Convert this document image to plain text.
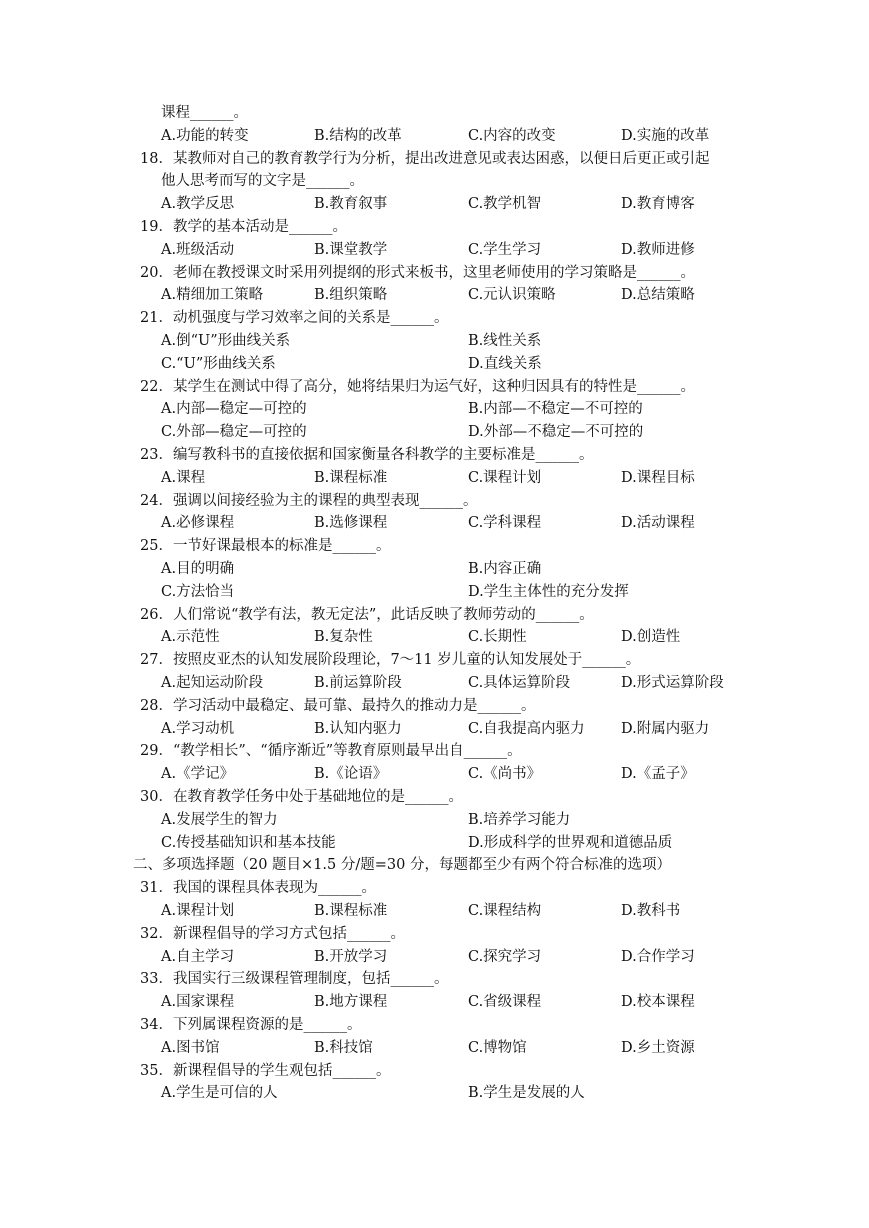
课程______。
A.功能的转变	B.结构的改革	C.内容的改变	D.实施的改革
18．某教师对自己的教育教学行为分析，提出改进意见或表达困惑，以便日后更正或引起
他人思考而写的文字是______。
A.教学反思	B.教育叙事	C.教学机智	D.教育博客
19．教学的基本活动是______。
A.班级活动	B.课堂教学	C.学生学习	D.教师进修
20．老师在教授课文时采用列提纲的形式来板书，这里老师使用的学习策略是______。
A.精细加工策略	B.组织策略	C.元认识策略	D.总结策略
21．动机强度与学习效率之间的关系是______。
A.倒“U”形曲线关系	B.线性关系
C.“U”形曲线关系	D.直线关系
22．某学生在测试中得了高分，她将结果归为运气好，这种归因具有的特性是______。
A.内部—稳定—可控的	B.内部—不稳定—不可控的
C.外部—稳定—可控的	D.外部—不稳定—不可控的
23．编写教科书的直接依据和国家衡量各科教学的主要标准是______。
A.课程	B.课程标准	C.课程计划	D.课程目标
24．强调以间接经验为主的课程的典型表现______。
A.必修课程	B.选修课程	C.学科课程	D.活动课程
25．一节好课最根本的标准是______。
A.目的明确	B.内容正确
C.方法恰当	D.学生主体性的充分发挥
26．人们常说“教学有法，教无定法”，此话反映了教师劳动的______。
A.示范性	B.复杂性	C.长期性	D.创造性
27．按照皮亚杰的认知发展阶段理论，7～11 岁儿童的认知发展处于______。
A.起知运动阶段	B.前运算阶段	C.具体运算阶段	D.形式运算阶段
28．学习活动中最稳定、最可靠、最持久的推动力是______。
A.学习动机	B.认知内驱力	C.自我提高内驱力	D.附属内驱力
29．“教学相长”、“循序渐近”等教育原则最早出自______。
A.《学记》	B.《论语》	C.《尚书》	D.《孟子》
30．在教育教学任务中处于基础地位的是______。
A.发展学生的智力	B.培养学习能力
C.传授基础知识和基本技能	D.形成科学的世界观和道德品质
二、多项选择题（20 题目×1.5 分/题=30 分，每题都至少有两个符合标准的选项）
31．我国的课程具体表现为______。
A.课程计划	B.课程标准	C.课程结构	D.教科书
32．新课程倡导的学习方式包括______。
A.自主学习	B.开放学习	C.探究学习	D.合作学习
33．我国实行三级课程管理制度，包括______。
A.国家课程	B.地方课程	C.省级课程	D.校本课程
34．下列属课程资源的是______。
A.图书馆	B.科技馆	C.博物馆	D.乡土资源
35．新课程倡导的学生观包括______。
A.学生是可信的人	B.学生是发展的人
